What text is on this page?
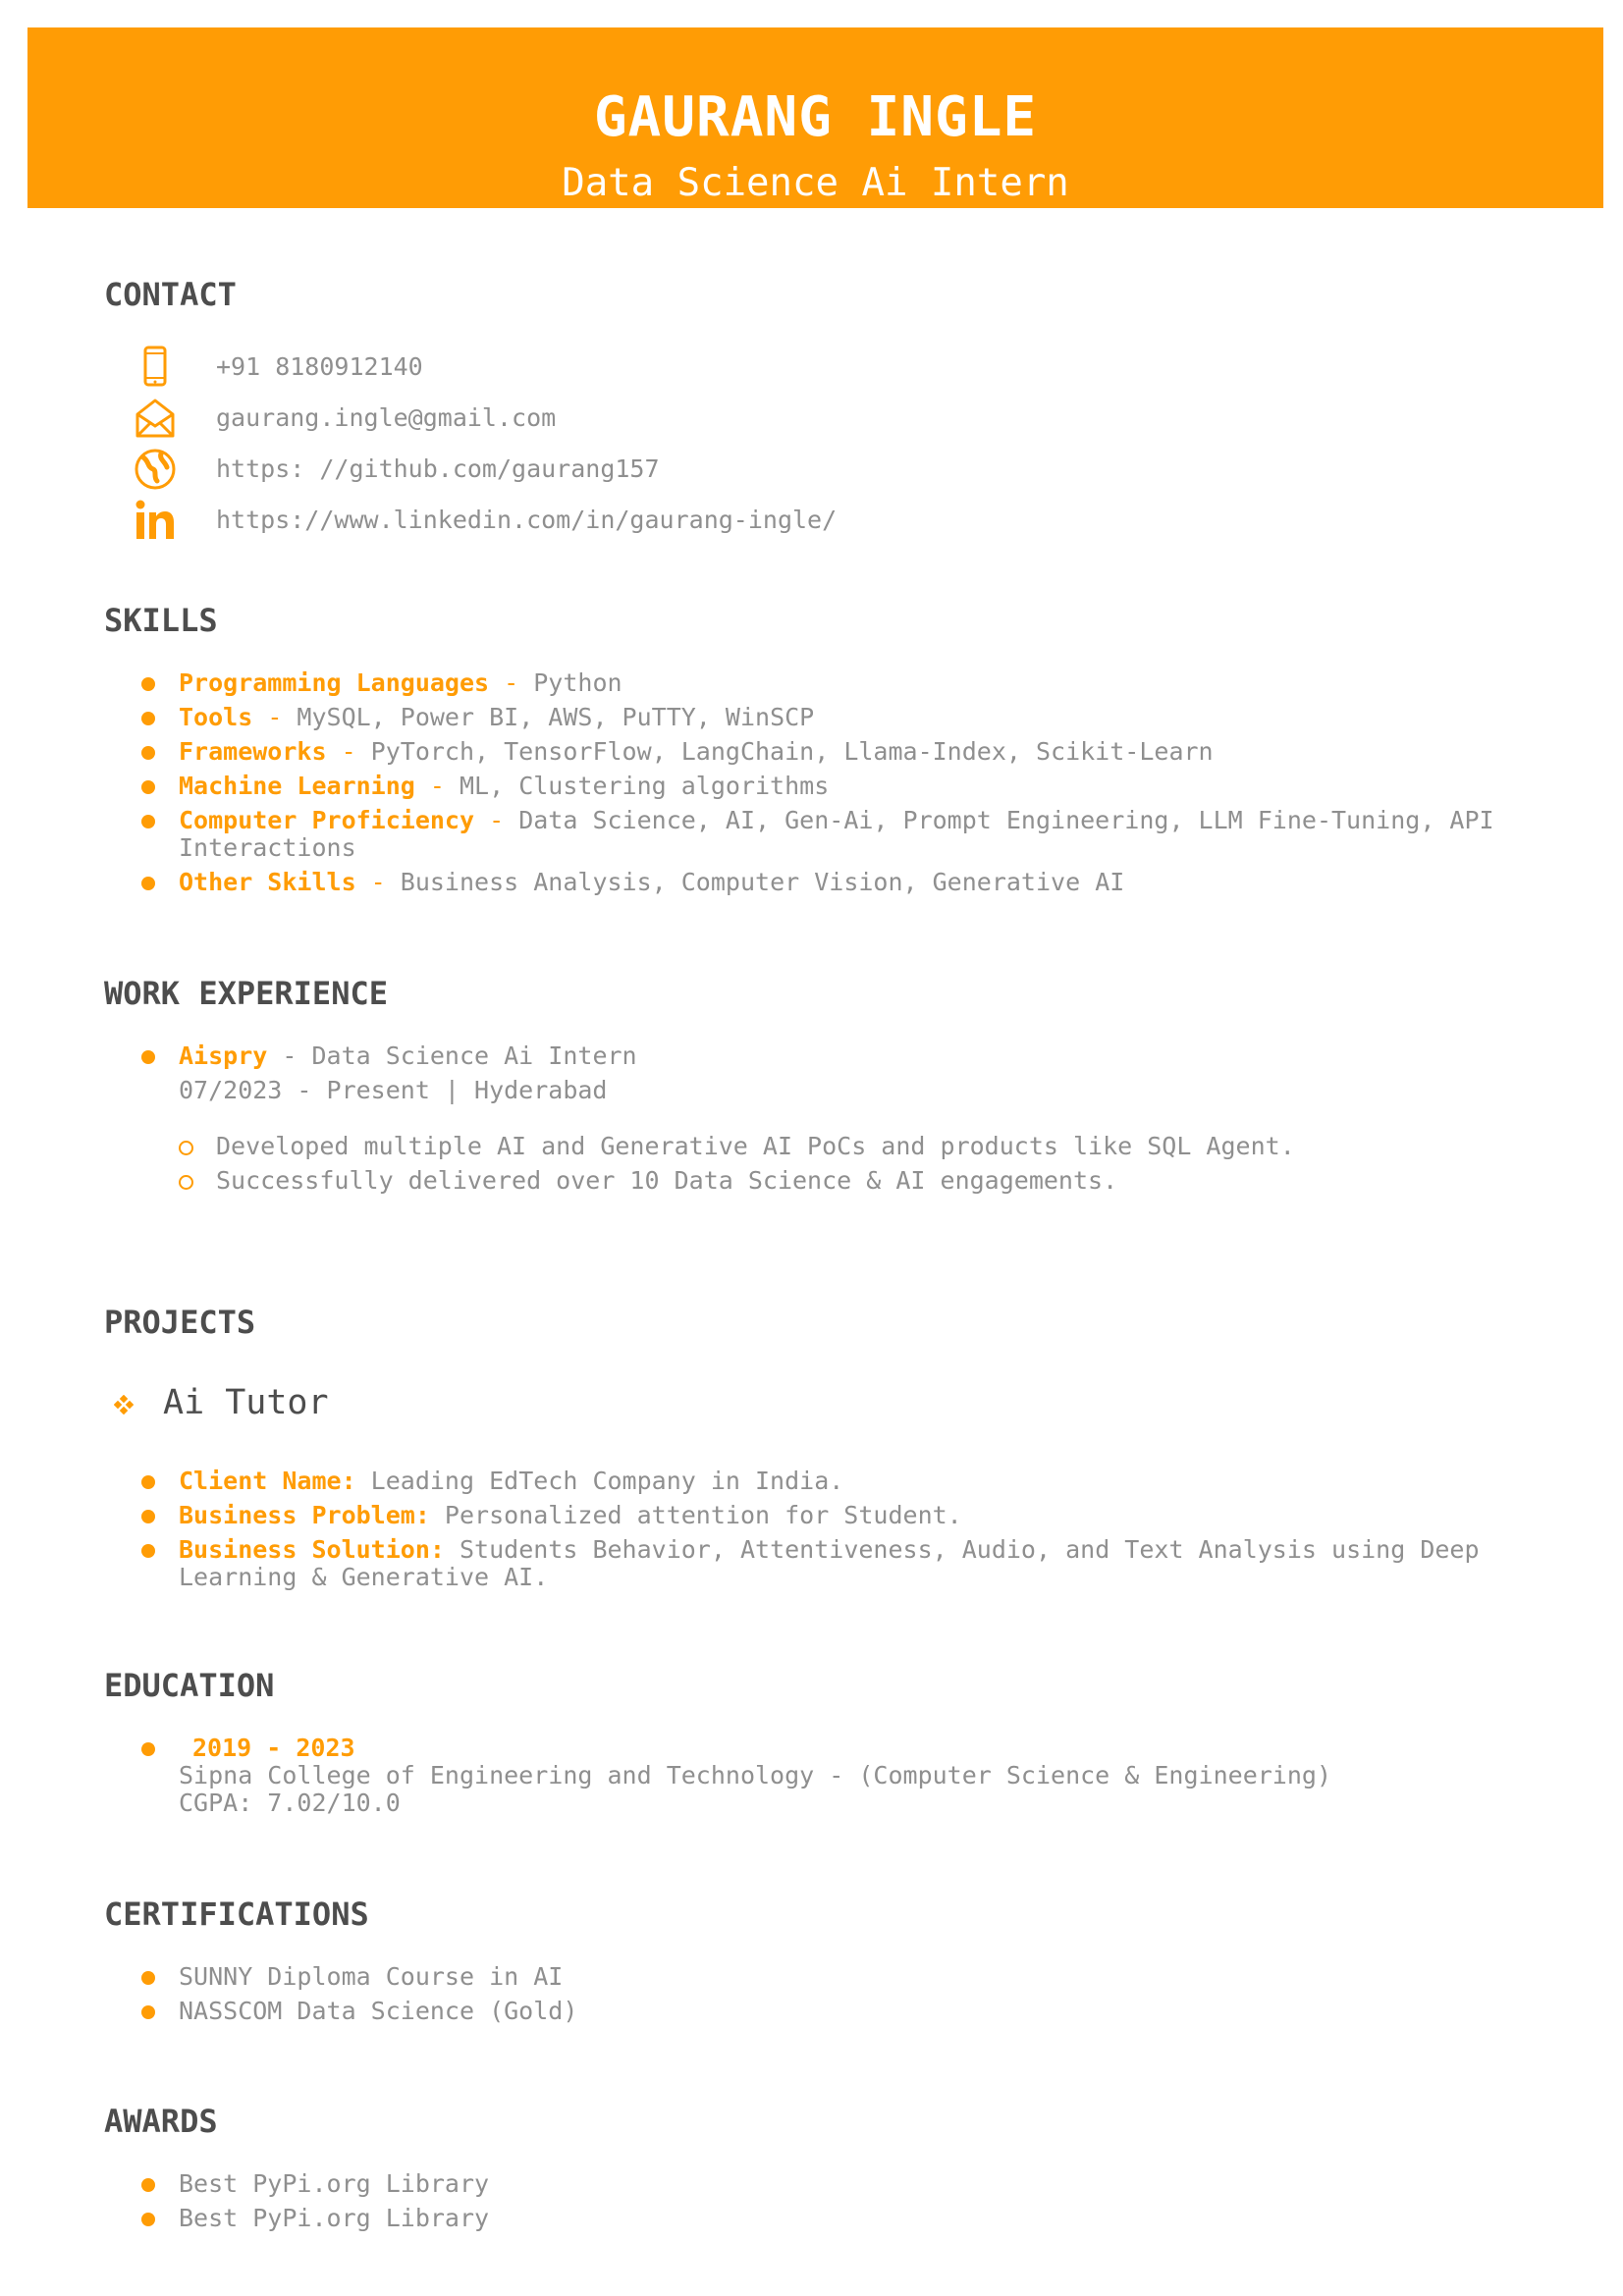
GAURANG INGLE
Data Science Ai Intern
CONTACT
+91 8180912140
gaurang.ingle@gmail.com
https: //github.com/gaurang157
https://www.linkedin.com/in/gaurang-ingle/
SKILLS
Programming Languages - Python
Tools - MySQL, Power BI, AWS, PuTTY, WinSCP
Frameworks - PyTorch, TensorFlow, LangChain, Llama-Index, Scikit-Learn
Machine Learning - ML, Clustering algorithms
Computer Proficiency - Data Science, AI, Gen-Ai, Prompt Engineering, LLM Fine-Tuning, API Interactions
Other Skills - Business Analysis, Computer Vision, Generative AI
WORK EXPERIENCE
Aispry - Data Science Ai Intern
07/2023 - Present | Hyderabad
Developed multiple AI and Generative AI PoCs and products like SQL Agent.
Successfully delivered over 10 Data Science & AI engagements.
PROJECTS
Ai Tutor
Client Name: Leading EdTech Company in India.
Business Problem: Personalized attention for Student.
Business Solution: Students Behavior, Attentiveness, Audio, and Text Analysis using Deep Learning & Generative AI.
EDUCATION
2019 - 2023
Sipna College of Engineering and Technology - (Computer Science & Engineering)
CGPA: 7.02/10.0
CERTIFICATIONS
SUNNY Diploma Course in AI
NASSCOM Data Science (Gold)
AWARDS
Best PyPi.org Library
Best PyPi.org Library
